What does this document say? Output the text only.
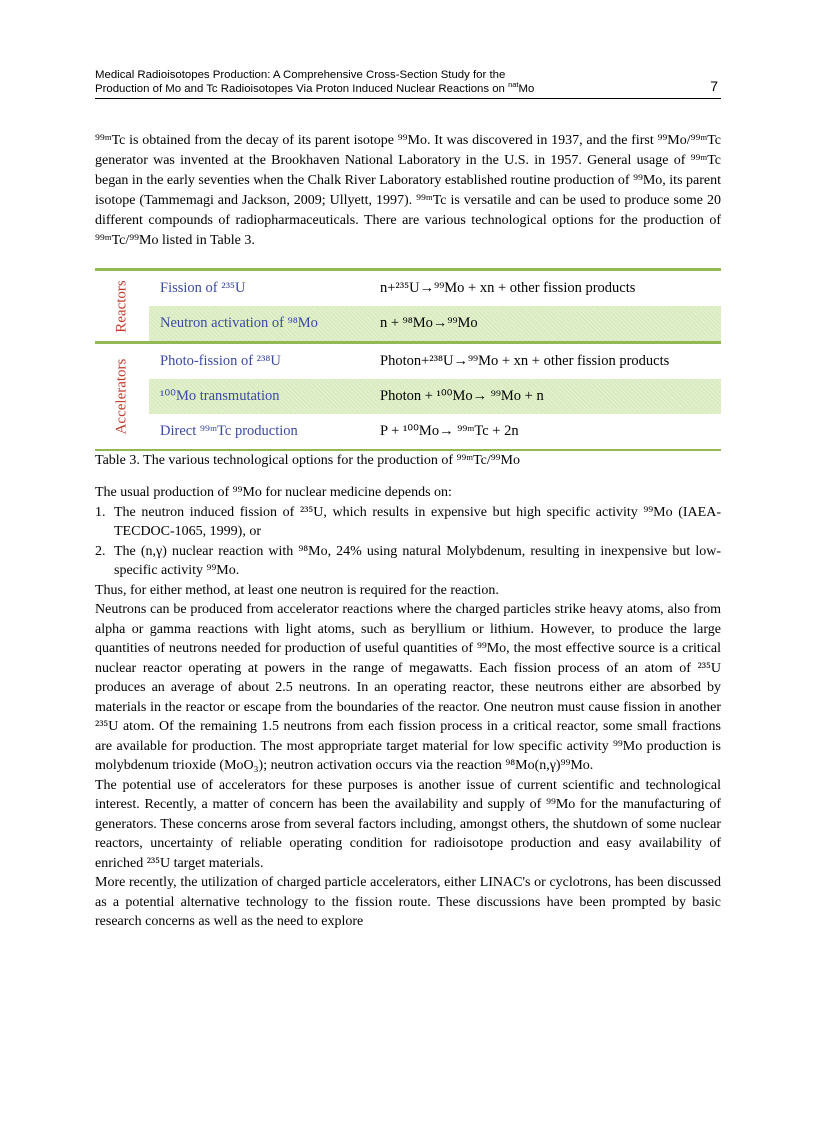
Medical Radioisotopes Production: A Comprehensive Cross-Section Study for the
Production of Mo and Tc Radioisotopes Via Proton Induced Nuclear Reactions on $^{nat}$Mo	7

⁹⁹ᵐTc is obtained from the decay of its parent isotope ⁹⁹Mo. It was discovered in 1937, and the first ⁹⁹Mo/⁹⁹ᵐTc generator was invented at the Brookhaven National Laboratory in the U.S. in 1957. General usage of ⁹⁹ᵐTc began in the early seventies when the Chalk River Laboratory established routine production of ⁹⁹Mo, its parent isotope (Tammemagi and Jackson, 2009; Ullyett, 1997). ⁹⁹ᵐTc is versatile and can be used to produce some 20 different compounds of radiopharmaceuticals. There are various technological options for the production of ⁹⁹ᵐTc/⁹⁹Mo listed in Table 3.

Reactors	Fission of ²³⁵U	n+²³⁵U→⁹⁹Mo + xn + other fission products
Neutron activation of ⁹⁸Mo	n + ⁹⁸Mo→⁹⁹Mo
Accelerators	Photo-fission of ²³⁸U	Photon+²³⁸U→⁹⁹Mo + xn + other fission products
¹⁰⁰Mo transmutation	Photon + ¹⁰⁰Mo→ ⁹⁹Mo + n
Direct ⁹⁹ᵐTc production	P + ¹⁰⁰Mo→ ⁹⁹ᵐTc + 2n
Table 3. The various technological options for the production of ⁹⁹ᵐTc/⁹⁹Mo

The usual production of ⁹⁹Mo for nuclear medicine depends on:

1. The neutron induced fission of ²³⁵U, which results in expensive but high specific activity ⁹⁹Mo (IAEA-TECDOC-1065, 1999), or
2. The (n,γ) nuclear reaction with ⁹⁸Mo, 24% using natural Molybdenum, resulting in inexpensive but low-specific activity ⁹⁹Mo.

Thus, for either method, at least one neutron is required for the reaction.

Neutrons can be produced from accelerator reactions where the charged particles strike heavy atoms, also from alpha or gamma reactions with light atoms, such as beryllium or lithium. However, to produce the large quantities of neutrons needed for production of useful quantities of ⁹⁹Mo, the most effective source is a critical nuclear reactor operating at powers in the range of megawatts. Each fission process of an atom of ²³⁵U produces an average of about 2.5 neutrons. In an operating reactor, these neutrons either are absorbed by materials in the reactor or escape from the boundaries of the reactor. One neutron must cause fission in another ²³⁵U atom. Of the remaining 1.5 neutrons from each fission process in a critical reactor, some small fractions are available for production. The most appropriate target material for low specific activity ⁹⁹Mo production is molybdenum trioxide (MoO₃); neutron activation occurs via the reaction ⁹⁸Mo(n,γ)⁹⁹Mo.

The potential use of accelerators for these purposes is another issue of current scientific and technological interest. Recently, a matter of concern has been the availability and supply of ⁹⁹Mo for the manufacturing of generators. These concerns arose from several factors including, amongst others, the shutdown of some nuclear reactors, uncertainty of reliable operating condition for radioisotope production and easy availability of enriched ²³⁵U target materials.

More recently, the utilization of charged particle accelerators, either LINAC's or cyclotrons, has been discussed as a potential alternative technology to the fission route. These discussions have been prompted by basic research concerns as well as the need to explore
